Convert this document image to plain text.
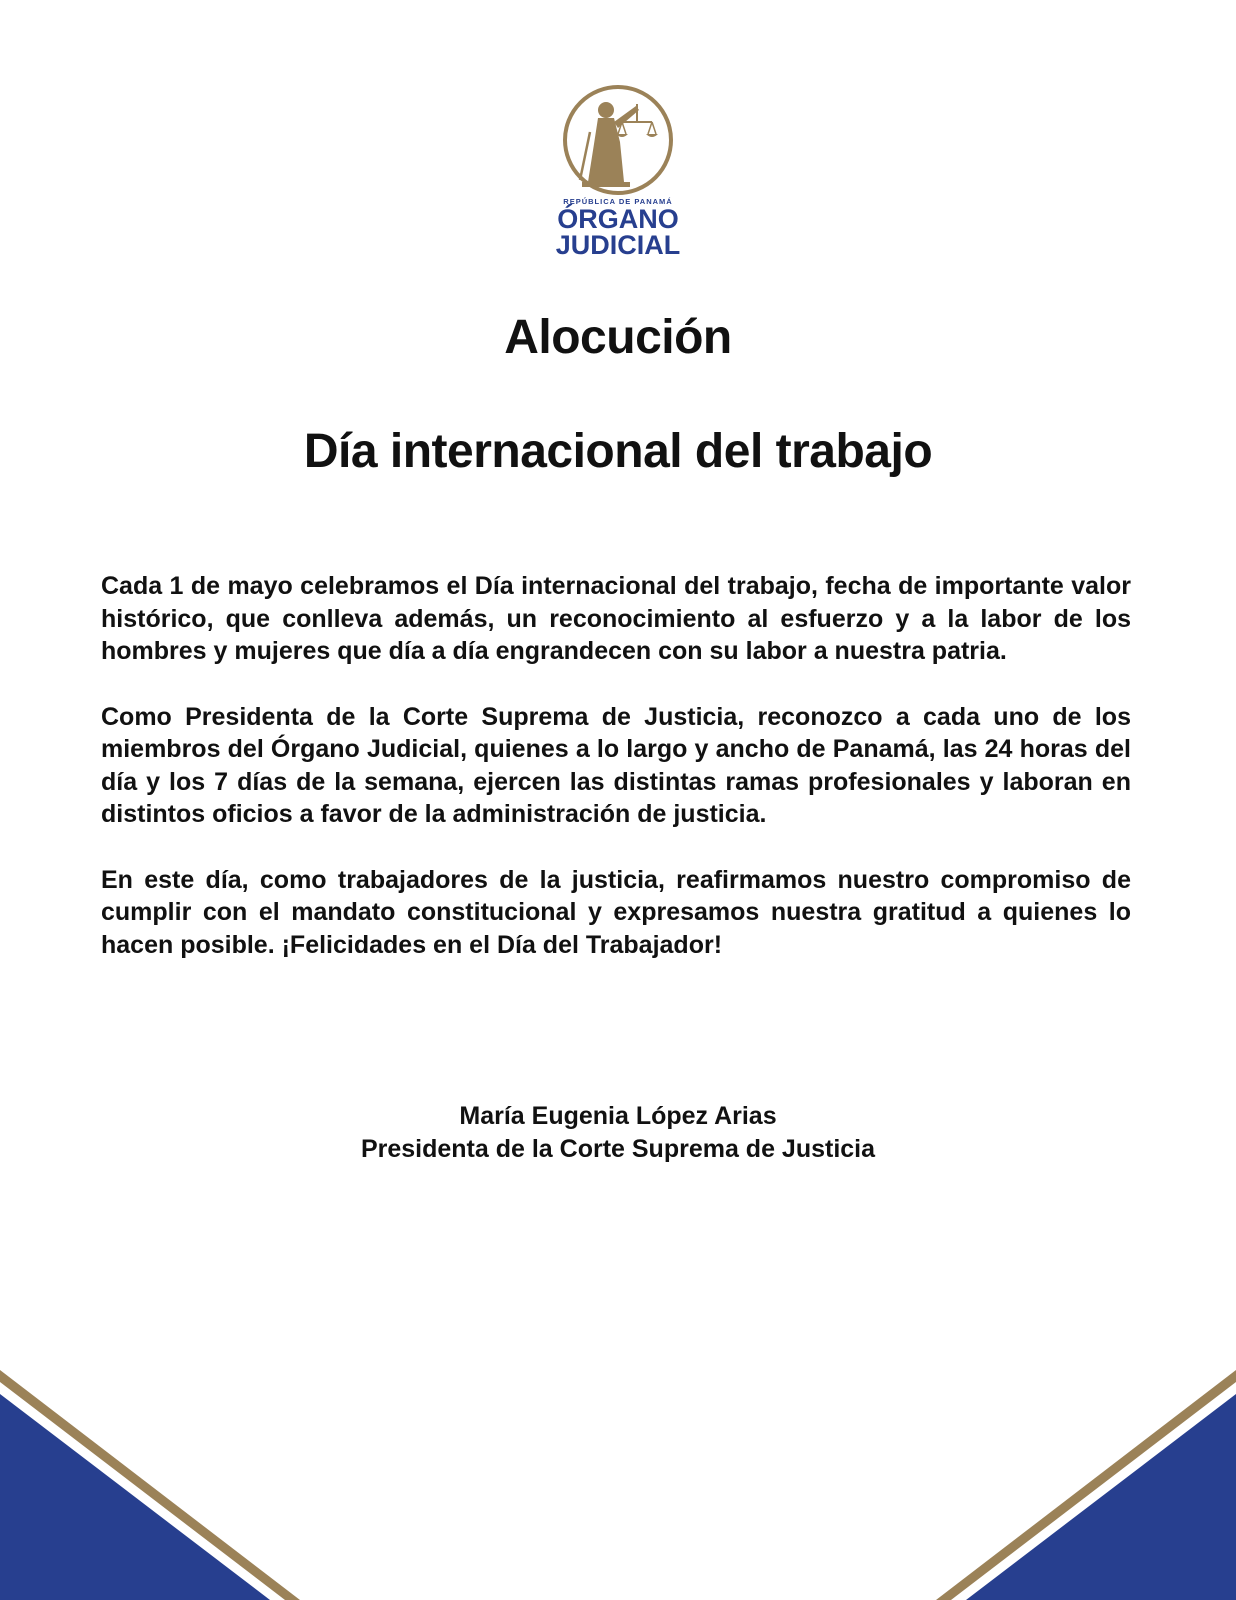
REPÚBLICA DE PANAMÁ
ÓRGANO
JUDICIAL
Alocución
Día internacional del trabajo

Cada 1 de mayo celebramos el Día internacional del trabajo, fecha de importante valor histórico, que conlleva además, un reconocimiento al esfuerzo y a la labor de los hombres y mujeres que día a día engrandecen con su labor a nuestra patria.

Como Presidenta de la Corte Suprema de Justicia, reconozco a cada uno de los miembros del Órgano Judicial, quienes a lo largo y ancho de Panamá, las 24 horas del día y los 7 días de la semana, ejercen las distintas ramas profesionales y laboran en distintos oficios a favor de la administración de justicia.

En este día, como trabajadores de la justicia, reafirmamos nuestro compromiso de cumplir con el mandato constitucional y expresamos nuestra gratitud a quienes lo hacen posible. ¡Felicidades en el Día del Trabajador!

María Eugenia López Arias
Presidenta de la Corte Suprema de Justicia
